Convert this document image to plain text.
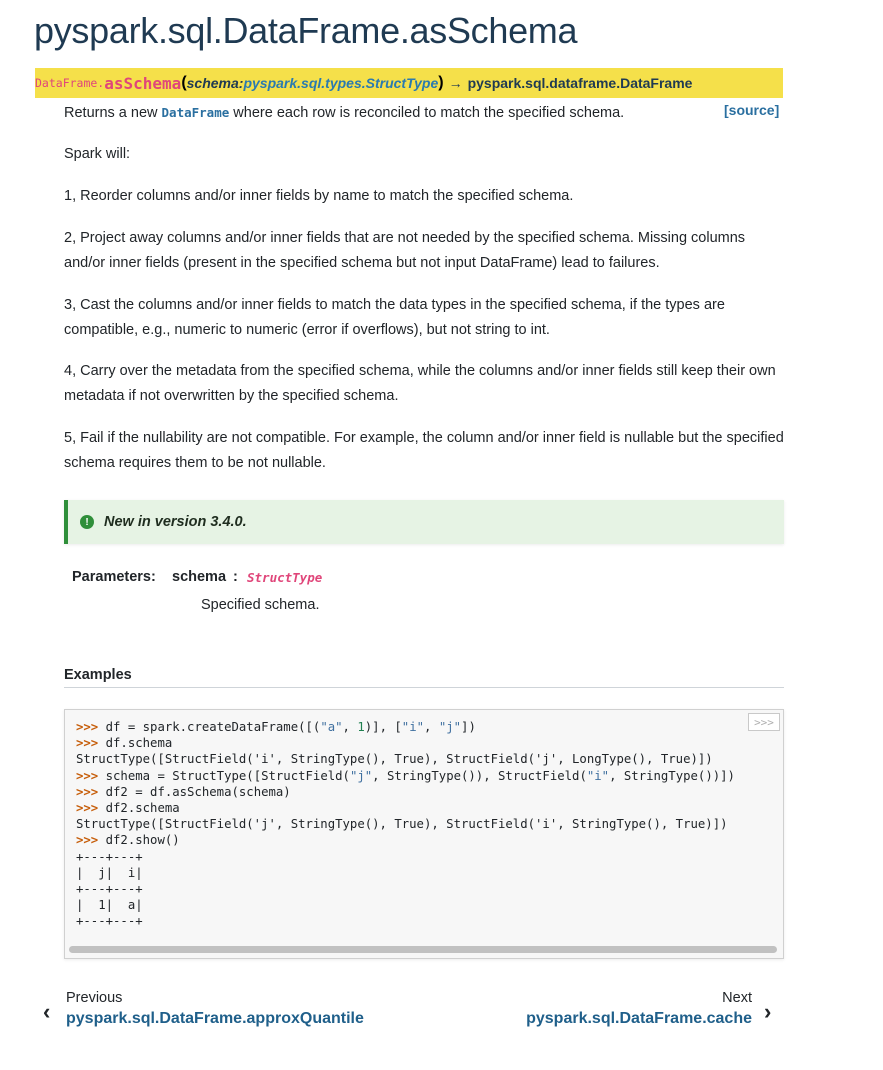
pyspark.sql.DataFrame.asSchema
DataFrame. asSchema ( schema : pyspark.sql.types.StructType ) → pyspark.sql.dataframe.DataFrame
[source]

Returns a new DataFrame where each row is reconciled to match the specified schema.

Spark will:

1, Reorder columns and/or inner fields by name to match the specified schema.

2, Project away columns and/or inner fields that are not needed by the specified schema. Missing columns and/or inner fields (present in the specified schema but not input DataFrame) lead to failures.

3, Cast the columns and/or inner fields to match the data types in the specified schema, if the types are compatible, e.g., numeric to numeric (error if overflows), but not string to int.

4, Carry over the metadata from the specified schema, while the columns and/or inner fields still keep their own metadata if not overwritten by the specified schema.

5, Fail if the nullability are not compatible. For example, the column and/or inner field is nullable but the specified schema requires them to be not nullable.

!	New in version 3.4.0.
Parameters: schema : StructType
Specified schema.
Examples
>>> df = spark.createDataFrame([("a", 1)], ["i", "j"])
>>> df.schema
StructType([StructField('i', StringType(), True), StructField('j', LongType(), True)])
>>> schema = StructType([StructField("j", StringType()), StructField("i", StringType())])
>>> df2 = df.asSchema(schema)
>>> df2.schema
StructType([StructField('j', StringType(), True), StructField('i', StringType(), True)])
>>> df2.show()
+---+---+
|  j|  i|
+---+---+
|  1|  a|
+---+---+
>>>
‹
Previous
pyspark.sql.DataFrame.approxQuantile
Next
pyspark.sql.DataFrame.cache ›
